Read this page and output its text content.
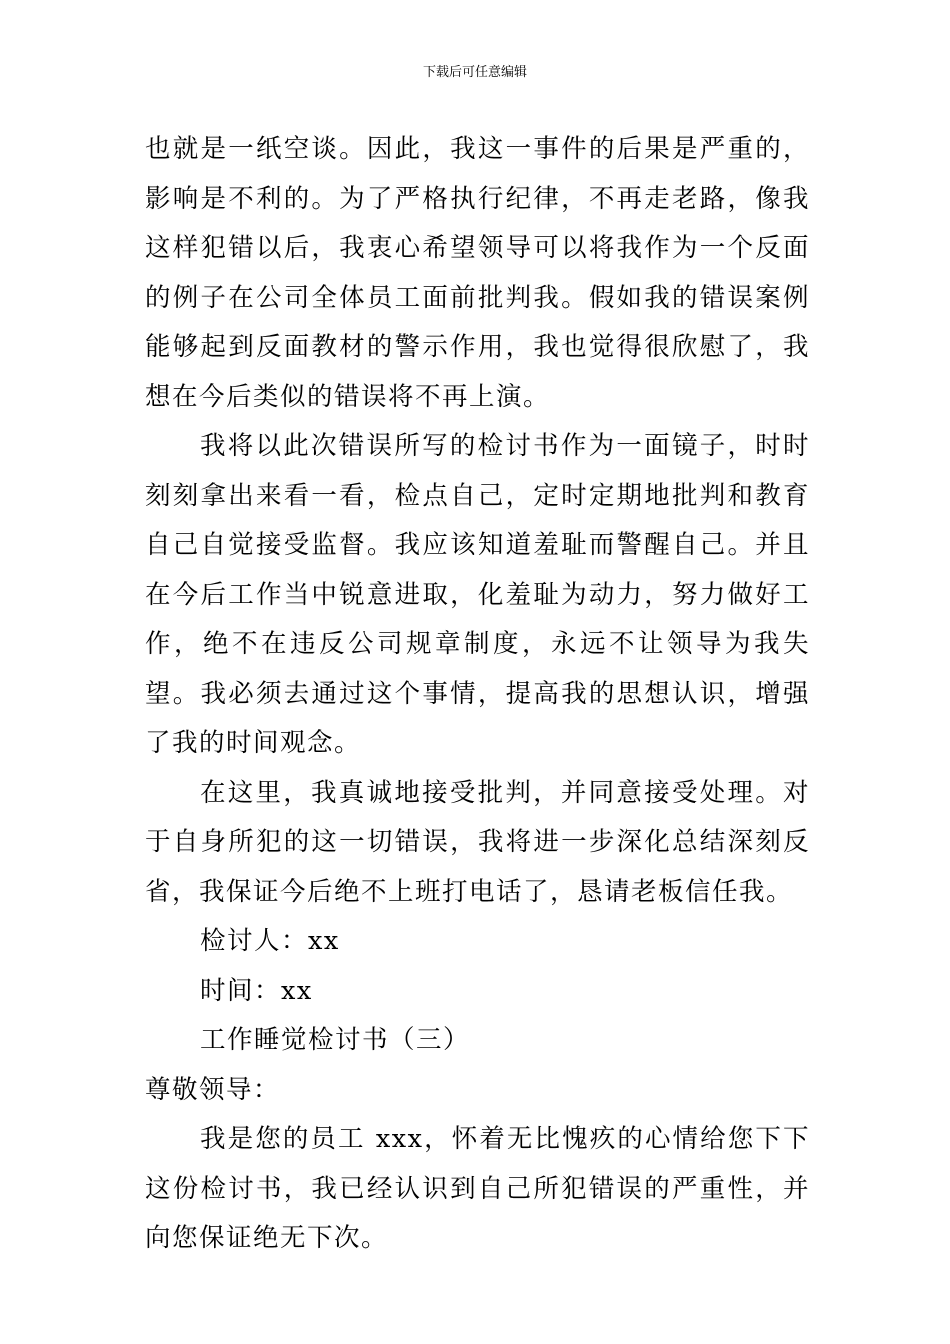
下载后可任意编辑

也就是一纸空谈。因此，我这一事件的后果是严重的，影响是不利的。为了严格执行纪律，不再走老路，像我这样犯错以后，我衷心希望领导可以将我作为一个反面的例子在公司全体员工面前批判我。假如我的错误案例能够起到反面教材的警示作用，我也觉得很欣慰了，我想在今后类似的错误将不再上演。

我将以此次错误所写的检讨书作为一面镜子，时时刻刻拿出来看一看，检点自己，定时定期地批判和教育自己自觉接受监督。我应该知道羞耻而警醒自己。并且在今后工作当中锐意进取，化羞耻为动力，努力做好工作，绝不在违反公司规章制度，永远不让领导为我失望。我必须去通过这个事情，提高我的思想认识，增强了我的时间观念。

在这里，我真诚地接受批判，并同意接受处理。对于自身所犯的这一切错误，我将进一步深化总结深刻反省，我保证今后绝不上班打电话了，恳请老板信任我。

检讨人：xx

时间：xx

工作睡觉检讨书（三）

尊敬领导：

我是您的员工 xxx，怀着无比愧疚的心情给您下下这份检讨书，我已经认识到自己所犯错误的严重性，并向您保证绝无下次。
